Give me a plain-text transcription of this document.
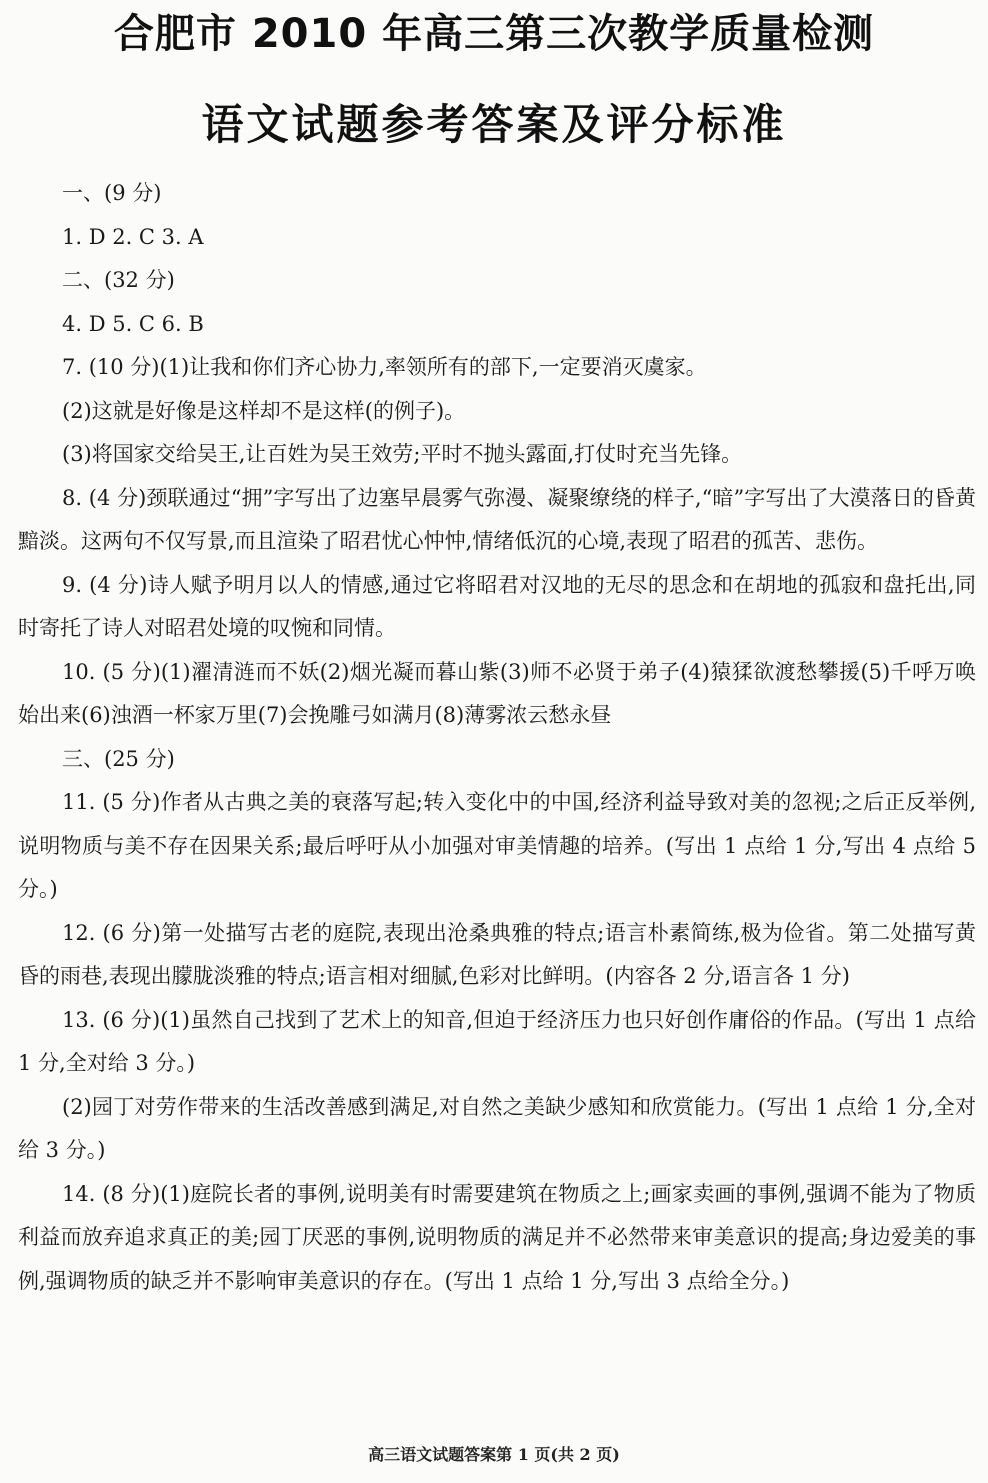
合肥市 2010 年高三第三次教学质量检测
语文试题参考答案及评分标准

一、(9 分)

1. D 2. C 3. A

二、(32 分)

4. D 5. C 6. B

7. (10 分)(1)让我和你们齐心协力,率领所有的部下,一定要消灭虞家。

(2)这就是好像是这样却不是这样(的例子)。

(3)将国家交给吴王,让百姓为吴王效劳;平时不抛头露面,打仗时充当先锋。

8. (4 分)颈联通过“拥”字写出了边塞早晨雾气弥漫、凝聚缭绕的样子,“暗”字写出了大漠落日的昏黄黯淡。这两句不仅写景,而且渲染了昭君忧心忡忡,情绪低沉的心境,表现了昭君的孤苦、悲伤。

9. (4 分)诗人赋予明月以人的情感,通过它将昭君对汉地的无尽的思念和在胡地的孤寂和盘托出,同时寄托了诗人对昭君处境的叹惋和同情。

10. (5 分)(1)濯清涟而不妖(2)烟光凝而暮山紫(3)师不必贤于弟子(4)猿猱欲渡愁攀援(5)千呼万唤始出来(6)浊酒一杯家万里(7)会挽雕弓如满月(8)薄雾浓云愁永昼

三、(25 分)

11. (5 分)作者从古典之美的衰落写起;转入变化中的中国,经济利益导致对美的忽视;之后正反举例,说明物质与美不存在因果关系;最后呼吁从小加强对审美情趣的培养。(写出 1 点给 1 分,写出 4 点给 5 分。)

12. (6 分)第一处描写古老的庭院,表现出沧桑典雅的特点;语言朴素简练,极为俭省。第二处描写黄昏的雨巷,表现出朦胧淡雅的特点;语言相对细腻,色彩对比鲜明。(内容各 2 分,语言各 1 分)

13. (6 分)(1)虽然自己找到了艺术上的知音,但迫于经济压力也只好创作庸俗的作品。(写出 1 点给 1 分,全对给 3 分。)

(2)园丁对劳作带来的生活改善感到满足,对自然之美缺少感知和欣赏能力。(写出 1 点给 1 分,全对给 3 分。)

14. (8 分)(1)庭院长者的事例,说明美有时需要建筑在物质之上;画家卖画的事例,强调不能为了物质利益而放弃追求真正的美;园丁厌恶的事例,说明物质的满足并不必然带来审美意识的提高;身边爱美的事例,强调物质的缺乏并不影响审美意识的存在。(写出 1 点给 1 分,写出 3 点给全分。)

高三语文试题答案第 1 页(共 2 页)
